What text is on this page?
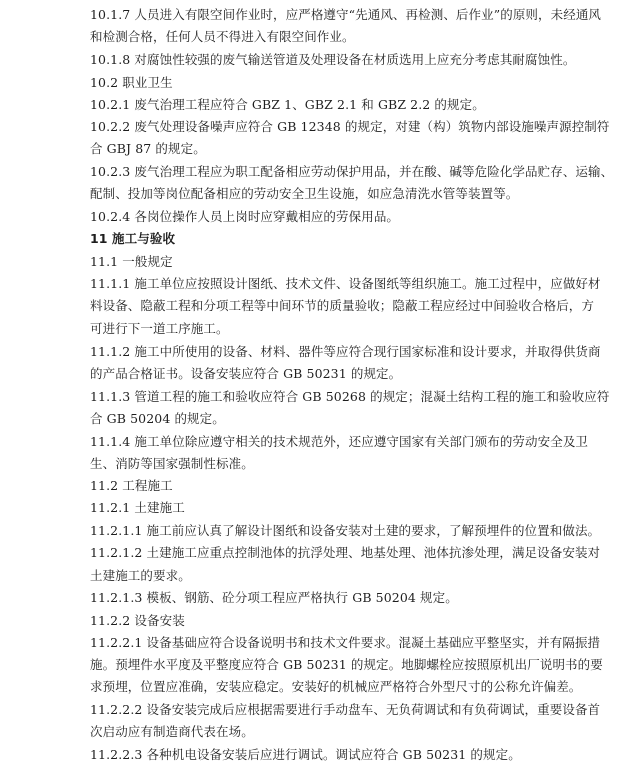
10.1.7 人员进入有限空间作业时，应严格遵守“先通风、再检测、后作业”的原则，未经通风
和检测合格，任何人员不得进入有限空间作业。
10.1.8 对腐蚀性较强的废气输送管道及处理设备在材质选用上应充分考虑其耐腐蚀性。
10.2 职业卫生
10.2.1 废气治理工程应符合 GBZ 1、GBZ 2.1 和 GBZ 2.2 的规定。
10.2.2 废气处理设备噪声应符合 GB 12348 的规定，对建（构）筑物内部设施噪声源控制符
合 GBJ 87 的规定。
10.2.3 废气治理工程应为职工配备相应劳动保护用品，并在酸、碱等危险化学品贮存、运输、
配制、投加等岗位配备相应的劳动安全卫生设施，如应急清洗水管等装置等。
10.2.4 各岗位操作人员上岗时应穿戴相应的劳保用品。
11 施工与验收
11.1 一般规定
11.1.1 施工单位应按照设计图纸、技术文件、设备图纸等组织施工。施工过程中，应做好材
料设备、隐蔽工程和分项工程等中间环节的质量验收；隐蔽工程应经过中间验收合格后，方
可进行下一道工序施工。
11.1.2 施工中所使用的设备、材料、器件等应符合现行国家标准和设计要求，并取得供货商
的产品合格证书。设备安装应符合 GB 50231 的规定。
11.1.3 管道工程的施工和验收应符合 GB 50268 的规定；混凝土结构工程的施工和验收应符
合 GB 50204 的规定。
11.1.4 施工单位除应遵守相关的技术规范外，还应遵守国家有关部门颁布的劳动安全及卫
生、消防等国家强制性标准。
11.2 工程施工
11.2.1 土建施工
11.2.1.1 施工前应认真了解设计图纸和设备安装对土建的要求，了解预埋件的位置和做法。
11.2.1.2 土建施工应重点控制池体的抗浮处理、地基处理、池体抗渗处理，满足设备安装对
土建施工的要求。
11.2.1.3 模板、钢筋、砼分项工程应严格执行 GB 50204 规定。
11.2.2 设备安装
11.2.2.1 设备基础应符合设备说明书和技术文件要求。混凝土基础应平整坚实，并有隔振措
施。预埋件水平度及平整度应符合 GB 50231 的规定。地脚螺栓应按照原机出厂说明书的要
求预埋，位置应准确，安装应稳定。安装好的机械应严格符合外型尺寸的公称允许偏差。
11.2.2.2 设备安装完成后应根据需要进行手动盘车、无负荷调试和有负荷调试，重要设备首
次启动应有制造商代表在场。
11.2.2.3 各种机电设备安装后应进行调试。调试应符合 GB 50231 的规定。
